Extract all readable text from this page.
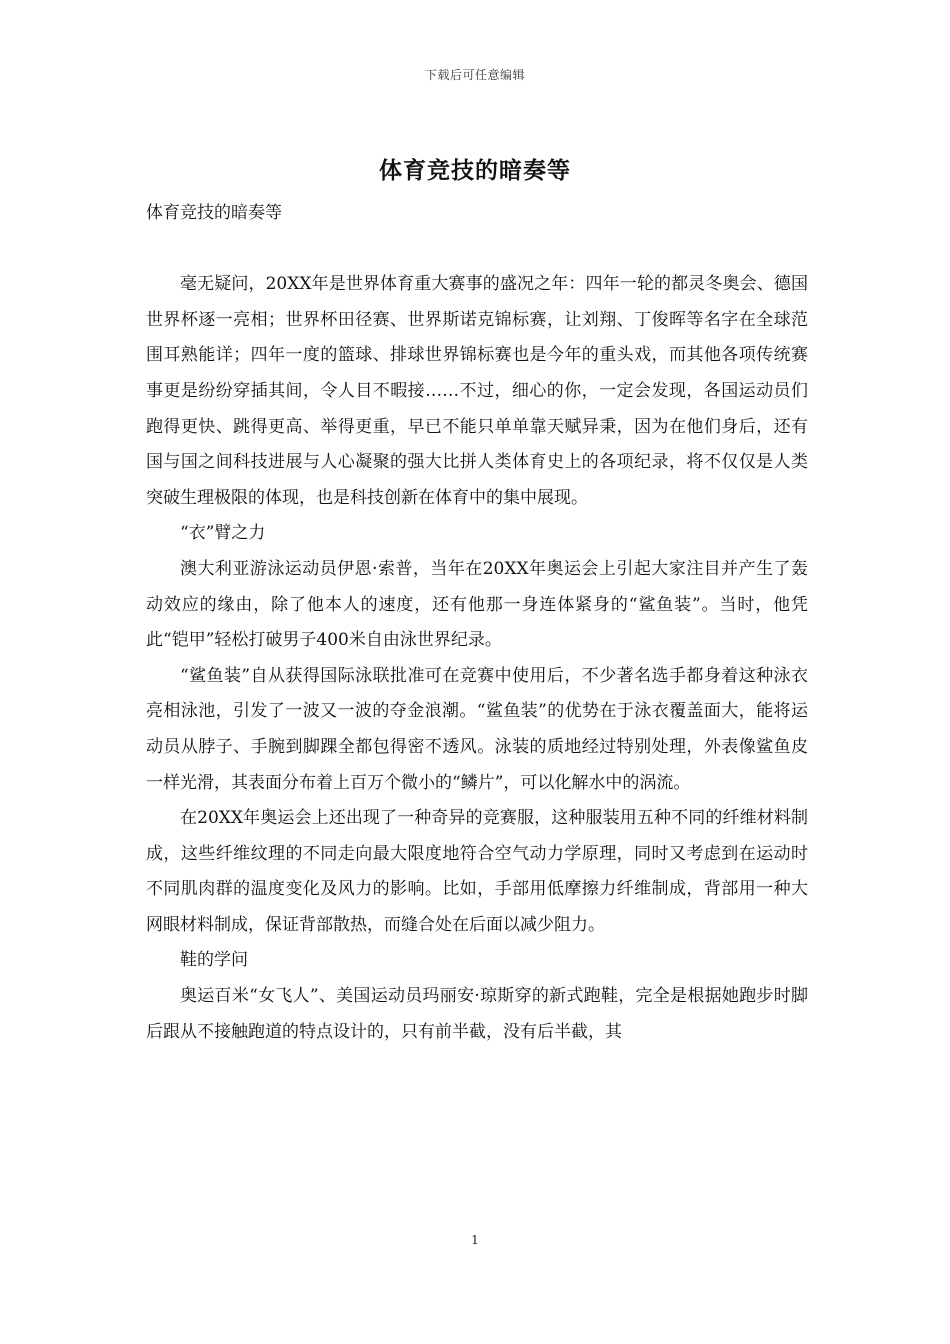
下载后可任意编辑
体育竞技的暗奏等

体育竞技的暗奏等

毫无疑问，20XX年是世界体育重大赛事的盛况之年：四年一轮的都灵冬奥会、德国世界杯逐一亮相；世界杯田径赛、世界斯诺克锦标赛，让刘翔、丁俊晖等名字在全球范围耳熟能详；四年一度的篮球、排球世界锦标赛也是今年的重头戏，而其他各项传统赛事更是纷纷穿插其间，令人目不暇接……不过，细心的你，一定会发现，各国运动员们跑得更快、跳得更高、举得更重，早已不能只单单靠天赋异秉，因为在他们身后，还有国与国之间科技进展与人心凝聚的强大比拼人类体育史上的各项纪录，将不仅仅是人类突破生理极限的体现，也是科技创新在体育中的集中展现。

“衣”臂之力

澳大利亚游泳运动员伊恩·索普，当年在20XX年奥运会上引起大家注目并产生了轰动效应的缘由，除了他本人的速度，还有他那一身连体紧身的“鲨鱼装”。当时，他凭此“铠甲”轻松打破男子400米自由泳世界纪录。

“鲨鱼装”自从获得国际泳联批准可在竞赛中使用后，不少著名选手都身着这种泳衣亮相泳池，引发了一波又一波的夺金浪潮。“鲨鱼装”的优势在于泳衣覆盖面大，能将运动员从脖子、手腕到脚踝全都包得密不透风。泳装的质地经过特别处理，外表像鲨鱼皮一样光滑，其表面分布着上百万个微小的“鳞片”，可以化解水中的涡流。

在20XX年奥运会上还出现了一种奇异的竞赛服，这种服装用五种不同的纤维材料制成，这些纤维纹理的不同走向最大限度地符合空气动力学原理，同时又考虑到在运动时不同肌肉群的温度变化及风力的影响。比如，手部用低摩擦力纤维制成，背部用一种大网眼材料制成，保证背部散热，而缝合处在后面以减少阻力。

鞋的学问

奥运百米“女飞人”、美国运动员玛丽安·琼斯穿的新式跑鞋，完全是根据她跑步时脚后跟从不接触跑道的特点设计的，只有前半截，没有后半截，其

1
